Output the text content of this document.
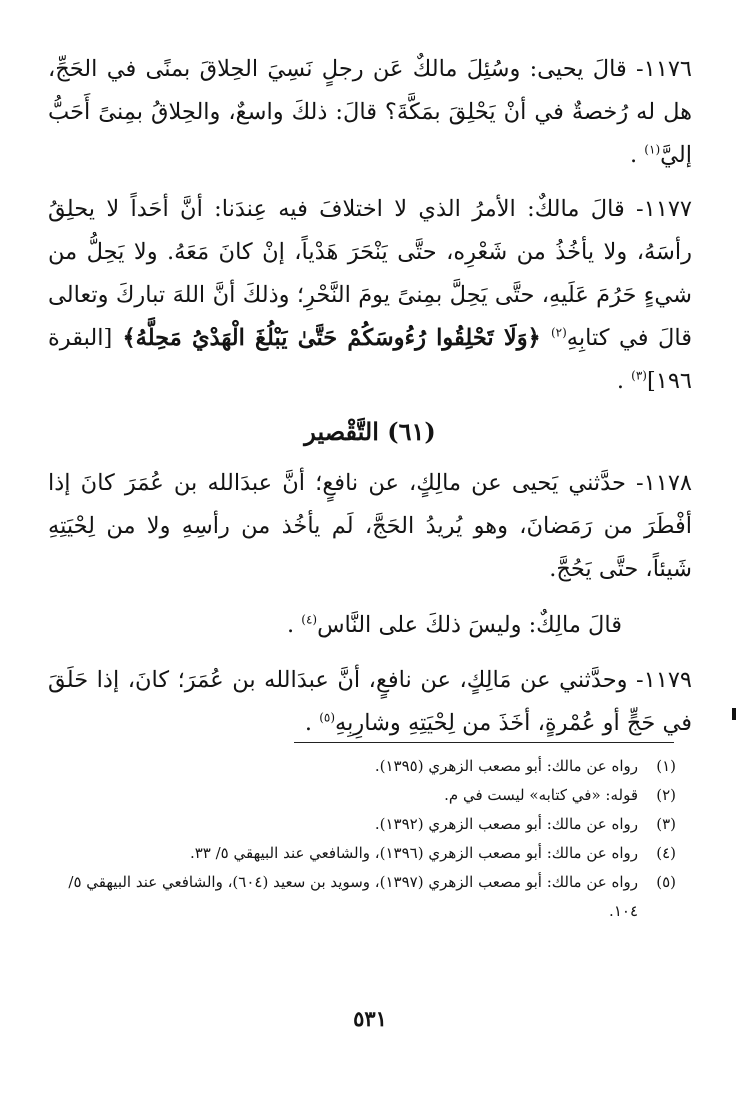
١١٧٦- قالَ يحيى: وسُئِلَ مالكٌ عَن رجلٍ نَسِيَ الحِلاقَ بمنًى في الحَجِّ، هل له رُخصةٌ في أنْ يَحْلِقَ بمَكَّةَ؟ قالَ: ذلكَ واسعٌ، والحِلاقُ بمِنىً أَحَبُّ إليَّ$^{(١)}$ .

١١٧٧- قالَ مالكٌ: الأمرُ الذي لا اختلافَ فيه عِندَنا: أنَّ أحَداً لا يحلِقُ رأسَهُ، ولا يأخُذُ من شَعْرِه، حتَّى يَنْحَرَ هَدْياً، إنْ كانَ مَعَهُ. ولا يَحِلُّ من شيءٍ حَرُمَ عَلَيهِ، حتَّى يَحِلَّ بمِنىً يومَ النَّحْرِ؛ وذلكَ أنَّ اللهَ تباركَ وتعالى قالَ في كتابِهِ$^{(٢)}$ ﴿وَلَا تَحْلِقُوا رُءُوسَكُمْ حَتَّىٰ يَبْلُغَ الْهَدْيُ مَحِلَّهُ﴾ [البقرة ١٩٦]$^{(٣)}$ .

(٦١) التَّقْصير

١١٧٨- حدَّثني يَحيى عن مالِكٍ، عن نافعٍ؛ أنَّ عبدَالله بن عُمَرَ كانَ إذا أفْطَرَ من رَمَضانَ، وهو يُريدُ الحَجَّ، لَم يأخُذ من رأسِهِ ولا من لِحْيَتِهِ شَيئاً، حتَّى يَحُجَّ.

قالَ مالِكٌ: وليسَ ذلكَ على النَّاس$^{(٤)}$ .

١١٧٩- وحدَّثني عن مَالِكٍ، عن نافعٍ، أنَّ عبدَالله بن عُمَرَ؛ كانَ، إذا حَلَقَ في حَجٍّ أو عُمْرةٍ، أخَذَ من لِحْيَتِهِ وشارِبِهِ$^{(٥)}$ .

(١)
رواه عن مالك: أبو مصعب الزهري (١٣٩٥).
(٢)
قوله: «في كتابه» ليست في م.
(٣)
رواه عن مالك: أبو مصعب الزهري (١٣٩٢).
(٤)
رواه عن مالك: أبو مصعب الزهري (١٣٩٦)، والشافعي عند البيهقي ٥/ ٣٣.
(٥)
رواه عن مالك: أبو مصعب الزهري (١٣٩٧)، وسويد بن سعيد (٦٠٤)، والشافعي عند البيهقي ٥/ ١٠٤.
٥٣١
